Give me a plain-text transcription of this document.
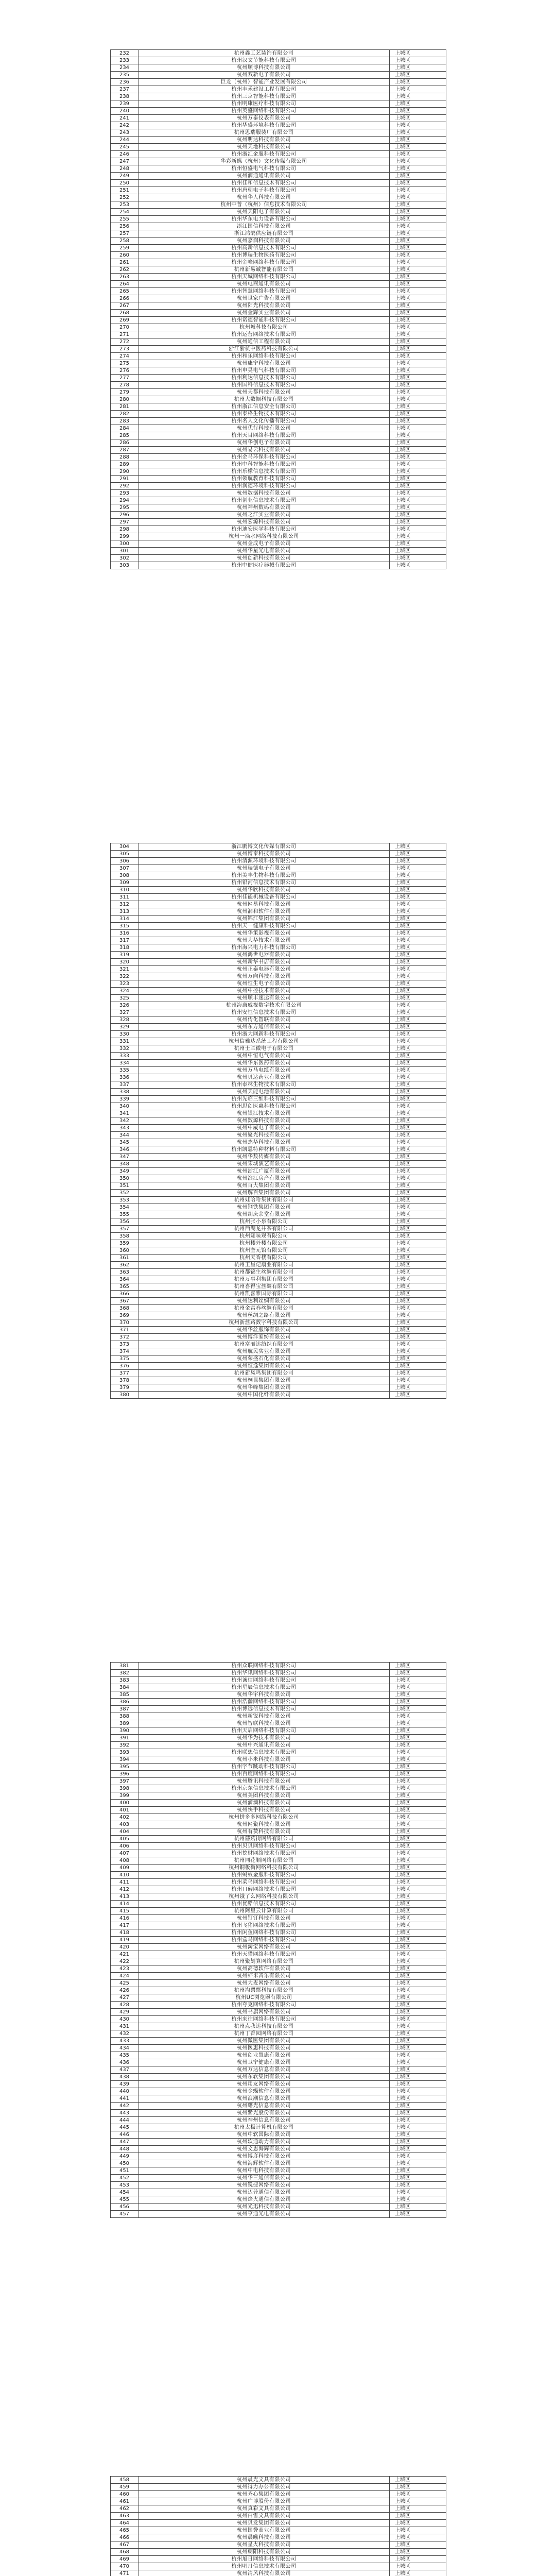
232	杭州鑫工艺装饰有限公司	上城区
233	杭州汉文节能科技有限公司	上城区
234	杭州顺博科技有限公司	上城区
235	杭州双新电子有限公司	上城区
236	巨龙（杭州）智能产业发展有限公司	上城区
237	杭州丰禾建设工程有限公司	上城区
238	杭州三京智能科技有限公司	上城区
239	杭州明康医疗科技有限公司	上城区
240	杭州英盛网络科技有限公司	上城区
241	杭州万泰仪表有限公司	上城区
242	杭州华盛环境科技有限公司	上城区
243	杭州思瑞服装厂有限公司	上城区
244	杭州明达科技有限公司	上城区
245	杭州天地科技有限公司	上城区
246	杭州浙汇金服科技有限公司	上城区
247	华彩新媒（杭州）文化传媒有限公司	上城区
248	杭州恒盛电气科技有限公司	上城区
249	杭州润通通讯有限公司	上城区
250	杭州佳和信息技术有限公司	上城区
251	杭州唐朝电子科技有限公司	上城区
252	杭州华人科技有限公司	上城区
253	杭州中普（杭州）信息技术有限公司	上城区
254	杭州天阳电子有限公司	上城区
255	杭州华东电力设备有限公司	上城区
256	浙江国信科技有限公司	上城区
257	浙江鸿鹄供应链有限公司	上城区
258	杭州嘉润科技有限公司	上城区
259	杭州高新信息技术有限公司	上城区
260	杭州博瑞生物医药有限公司	上城区
261	杭州金峰网络科技有限公司	上城区
262	杭州新易诚智能有限公司	上城区
263	杭州天城网络科技有限公司	上城区
264	杭州电商通讯有限公司	上城区
265	杭州智慧网络科技有限公司	上城区
266	杭州世家广告有限公司	上城区
267	杭州阳光科技有限公司	上城区
268	杭州金辉实业有限公司	上城区
269	杭州诺德智能科技有限公司	上城区
270	杭州城科技有限公司	上城区
271	杭州运营网络技术有限公司	上城区
272	杭州通信工程有限公司	上城区
273	浙江浙杭中医药科技有限公司	上城区
274	杭州和乐网络科技有限公司	上城区
275	杭州康宁科技有限公司	上城区
276	杭州申昊电气科技有限公司	上城区
277	杭州利达信息技术有限公司	上城区
278	杭州国科信息技术有限公司	上城区
279	杭州天都科技有限公司	上城区
280	杭州大数据科技有限公司	上城区
281	杭州浙江信息安全有限公司	上城区
282	杭州泰格生物技术有限公司	上城区
283	杭州名人文化传播有限公司	上城区
284	杭州优行科技有限公司	上城区
285	杭州天目网络科技有限公司	上城区
286	杭州华创电子有限公司	上城区
287	杭州易云科技有限公司	上城区
288	杭州金马环保科技有限公司	上城区
289	杭州中科智能科技有限公司	上城区
290	杭州乐檬信息技术有限公司	上城区
291	杭州领航教育科技有限公司	上城区
292	杭州润德环境科技有限公司	上城区
293	杭州数据科技有限公司	上城区
294	杭州创业信息技术有限公司	上城区
295	杭州神州数码有限公司	上城区
296	杭州之江实业有限公司	上城区
297	杭州宏源科技有限公司	上城区
298	杭州迪安医学科技有限公司	上城区
299	杭州一滴水网络科技有限公司	上城区
300	杭州金成电子有限公司	上城区
301	杭州华星光电有限公司	上城区
302	杭州创新科技有限公司	上城区
303	杭州中健医疗器械有限公司	上城区
304	浙江鹏博文化传媒有限公司	上城区
305	杭州博泰科技有限公司	上城区
306	杭州清源环境科技有限公司	上城区
307	杭州瑞德电子有限公司	上城区
308	杭州美丰生物科技有限公司	上城区
309	杭州银河信息技术有限公司	上城区
310	杭州华欣科技有限公司	上城区
311	杭州佳能机械设备有限公司	上城区
312	杭州网易科技有限公司	上城区
313	杭州润和软件有限公司	上城区
314	杭州锦江集团有限公司	上城区
315	杭州天一健康科技有限公司	上城区
316	杭州华策影视有限公司	上城区
317	杭州大华技术有限公司	上城区
318	杭州海兴电力科技有限公司	上城区
319	杭州鸿世电器有限公司	上城区
320	杭州新华书店有限公司	上城区
321	杭州正泰电器有限公司	上城区
322	杭州万向科技有限公司	上城区
323	杭州恒生电子有限公司	上城区
324	杭州中控技术有限公司	上城区
325	杭州顺丰速运有限公司	上城区
326	杭州海康威视数字技术有限公司	上城区
327	杭州安恒信息技术有限公司	上城区
328	杭州传化智联有限公司	上城区
329	杭州东方通信有限公司	上城区
330	杭州浙大网新科技有限公司	上城区
331	杭州信雅达系统工程有限公司	上城区
332	杭州士兰微电子有限公司	上城区
333	杭州中恒电气有限公司	上城区
334	杭州华东医药有限公司	上城区
335	杭州万马电缆有限公司	上城区
336	杭州贝达药业有限公司	上城区
337	杭州泰林生物技术有限公司	上城区
338	杭州天能电池有限公司	上城区
339	杭州先临三维科技有限公司	上城区
340	杭州思创医惠科技有限公司	上城区
341	杭州银江技术有限公司	上城区
342	杭州数源科技有限公司	上城区
343	杭州中威电子有限公司	上城区
344	杭州聚光科技有限公司	上城区
345	杭州杰华科技有限公司	上城区
346	杭州凯恩特种材料有限公司	上城区
347	杭州华数传媒有限公司	上城区
348	杭州宋城演艺有限公司	上城区
349	杭州浙江广厦有限公司	上城区
350	杭州滨江房产有限公司	上城区
351	杭州百大集团有限公司	上城区
352	杭州解百集团有限公司	上城区
353	杭州娃哈哈集团有限公司	上城区
354	杭州钢铁集团有限公司	上城区
355	杭州胡庆余堂有限公司	上城区
356	杭州张小泉有限公司	上城区
357	杭州西湖龙井茶有限公司	上城区
358	杭州知味观有限公司	上城区
359	杭州楼外楼有限公司	上城区
360	杭州奎元馆有限公司	上城区
361	杭州天香楼有限公司	上城区
362	杭州王星记扇业有限公司	上城区
363	杭州都锦生丝绸有限公司	上城区
364	杭州万事利集团有限公司	上城区
365	杭州喜得宝丝绸有限公司	上城区
366	杭州凯喜雅国际有限公司	上城区
367	杭州达利丝绸有限公司	上城区
368	杭州金富春丝绸有限公司	上城区
369	杭州丝绸之路有限公司	上城区
370	杭州新丝路数字科技有限公司	上城区
371	杭州华丝服饰有限公司	上城区
372	杭州博洋家纺有限公司	上城区
373	杭州富丽达纺织有限公司	上城区
374	杭州航民实业有限公司	上城区
375	杭州荣盛石化有限公司	上城区
376	杭州恒逸集团有限公司	上城区
377	杭州新凤鸣集团有限公司	上城区
378	杭州桐昆集团有限公司	上城区
379	杭州华峰集团有限公司	上城区
380	杭州中国化纤有限公司	上城区
381	杭州众联网络科技有限公司	上城区
382	杭州华讯网络科技有限公司	上城区
383	杭州诚信网络科技有限公司	上城区
384	杭州星辰信息技术有限公司	上城区
385	杭州华宇科技有限公司	上城区
386	杭州浩瀚网络科技有限公司	上城区
387	杭州博远信息技术有限公司	上城区
388	杭州新锐科技有限公司	上城区
389	杭州智联科技有限公司	上城区
390	杭州天启网络科技有限公司	上城区
391	杭州华为技术有限公司	上城区
392	杭州中兴通讯有限公司	上城区
393	杭州联想信息技术有限公司	上城区
394	杭州小米科技有限公司	上城区
395	杭州字节跳动科技有限公司	上城区
396	杭州百度网络科技有限公司	上城区
397	杭州腾讯科技有限公司	上城区
398	杭州京东信息技术有限公司	上城区
399	杭州美团科技有限公司	上城区
400	杭州滴滴科技有限公司	上城区
401	杭州快手科技有限公司	上城区
402	杭州拼多多网络科技有限公司	上城区
403	杭州网聚科技有限公司	上城区
404	杭州有赞科技有限公司	上城区
405	杭州蘑菇街网络有限公司	上城区
406	杭州贝贝网络科技有限公司	上城区
407	杭州挖财网络技术有限公司	上城区
408	杭州同花顺网络有限公司	上城区
409	杭州铜板街网络科技有限公司	上城区
410	杭州蚂蚁金服科技有限公司	上城区
411	杭州菜鸟网络科技有限公司	上城区
412	杭州口碑网络技术有限公司	上城区
413	杭州饿了么网络科技有限公司	上城区
414	杭州优酷信息技术有限公司	上城区
415	杭州阿里云计算有限公司	上城区
416	杭州钉钉科技有限公司	上城区
417	杭州飞猪网络技术有限公司	上城区
418	杭州闲鱼网络科技有限公司	上城区
419	杭州盒马网络科技有限公司	上城区
420	杭州淘宝网络有限公司	上城区
421	杭州天猫网络科技有限公司	上城区
422	杭州聚划算网络有限公司	上城区
423	杭州高德软件有限公司	上城区
424	杭州虾米音乐有限公司	上城区
425	杭州大麦网络有限公司	上城区
426	杭州淘票票科技有限公司	上城区
427	杭州UC浏览器有限公司	上城区
428	杭州夸克网络科技有限公司	上城区
429	杭州书旗网络有限公司	上城区
430	杭州来往网络科技有限公司	上城区
431	杭州点我达科技有限公司	上城区
432	杭州丁香园网络有限公司	上城区
433	杭州微医集团有限公司	上城区
434	杭州医惠科技有限公司	上城区
435	杭州创业慧康有限公司	上城区
436	杭州卫宁健康有限公司	上城区
437	杭州万达信息有限公司	上城区
438	杭州东软集团有限公司	上城区
439	杭州用友网络有限公司	上城区
440	杭州金蝶软件有限公司	上城区
441	杭州浪潮信息有限公司	上城区
442	杭州曙光信息有限公司	上城区
443	杭州紫光股份有限公司	上城区
444	杭州神州信息有限公司	上城区
445	杭州太极计算机有限公司	上城区
446	杭州中软国际有限公司	上城区
447	杭州软通动力有限公司	上城区
448	杭州文思海辉有限公司	上城区
449	杭州博彦科技有限公司	上城区
450	杭州海辉软件有限公司	上城区
451	杭州中电科技有限公司	上城区
452	杭州华三通信有限公司	上城区
453	杭州锐捷网络有限公司	上城区
454	杭州迈普通信有限公司	上城区
455	杭州烽火通信有限公司	上城区
456	杭州光迅科技有限公司	上城区
457	杭州亨通光电有限公司	上城区
458	杭州晨光文具有限公司	上城区
459	杭州得力办公有限公司	上城区
460	杭州齐心集团有限公司	上城区
461	杭州广博股份有限公司	上城区
462	杭州真彩文具有限公司	上城区
463	杭州白雪文具有限公司	上城区
464	杭州贝发集团有限公司	上城区
465	杭州国誉商业有限公司	上城区
466	杭州晨曦科技有限公司	上城区
467	杭州星火科技有限公司	上城区
468	杭州朝阳科技有限公司	上城区
469	杭州旭日网络科技有限公司	上城区
470	杭州明月信息技术有限公司	上城区
471	杭州清风科技有限公司	上城区
